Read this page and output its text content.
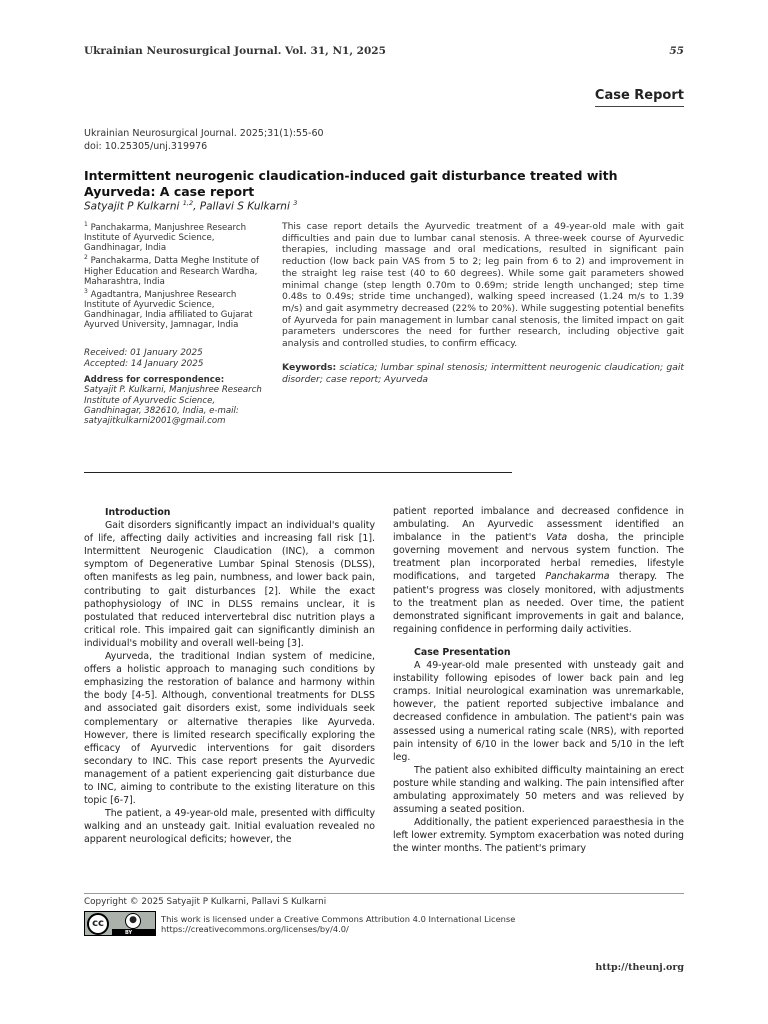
Ukrainian Neurosurgical Journal. Vol. 31, N1, 2025	55
Case Report
Ukrainian Neurosurgical Journal. 2025;31(1):55-60
doi: 10.25305/unj.319976
Intermittent neurogenic claudication-induced gait disturbance treated with Ayurveda: A case report
Satyajit P Kulkarni $^{1,2}$, Pallavi S Kulkarni $^3$

$^1$ Panchakarma, Manjushree Research Institute of Ayurvedic Science, Gandhinagar, India

$^2$ Panchakarma, Datta Meghe Institute of Higher Education and Research Wardha, Maharashtra, India

$^3$ Agadtantra, Manjushree Research Institute of Ayurvedic Science, Gandhinagar, India affiliated to Gujarat Ayurved University, Jamnagar, India

Received: 01 January 2025
Accepted: 14 January 2025
Address for correspondence:
Satyajit P. Kulkarni, Manjushree Research Institute of Ayurvedic Science, Gandhinagar, 382610, India, e-mail: satyajitkulkarni2001@gmail.com

This case report details the Ayurvedic treatment of a 49-year-old male with gait difficulties and pain due to lumbar canal stenosis. A three-week course of Ayurvedic therapies, including massage and oral medications, resulted in significant pain reduction (low back pain VAS from 5 to 2; leg pain from 6 to 2) and improvement in the straight leg raise test (40 to 60 degrees). While some gait parameters showed minimal change (step length 0.70m to 0.69m; stride length unchanged; step time 0.48s to 0.49s; stride time unchanged), walking speed increased (1.24 m/s to 1.39 m/s) and gait asymmetry decreased (22% to 20%). While suggesting potential benefits of Ayurveda for pain management in lumbar canal stenosis, the limited impact on gait parameters underscores the need for further research, including objective gait analysis and controlled studies, to confirm efficacy.

Keywords: sciatica; lumbar spinal stenosis; intermittent neurogenic claudication; gait disorder; case report; Ayurveda

Introduction

Gait disorders significantly impact an individual's quality of life, affecting daily activities and increasing fall risk [1]. Intermittent Neurogenic Claudication (INC), a common symptom of Degenerative Lumbar Spinal Stenosis (DLSS), often manifests as leg pain, numbness, and lower back pain, contributing to gait disturbances [2]. While the exact pathophysiology of INC in DLSS remains unclear, it is postulated that reduced intervertebral disc nutrition plays a critical role. This impaired gait can significantly diminish an individual's mobility and overall well-being [3].

Ayurveda, the traditional Indian system of medicine, offers a holistic approach to managing such conditions by emphasizing the restoration of balance and harmony within the body [4-5]. Although, conventional treatments for DLSS and associated gait disorders exist, some individuals seek complementary or alternative therapies like Ayurveda. However, there is limited research specifically exploring the efficacy of Ayurvedic interventions for gait disorders secondary to INC. This case report presents the Ayurvedic management of a patient experiencing gait disturbance due to INC, aiming to contribute to the existing literature on this topic [6-7].

The patient, a 49-year-old male, presented with difficulty walking and an unsteady gait. Initial evaluation revealed no apparent neurological deficits; however, the

patient reported imbalance and decreased confidence in ambulating. An Ayurvedic assessment identified an imbalance in the patient's Vata dosha, the principle governing movement and nervous system function. The treatment plan incorporated herbal remedies, lifestyle modifications, and targeted Panchakarma therapy. The patient's progress was closely monitored, with adjustments to the treatment plan as needed. Over time, the patient demonstrated significant improvements in gait and balance, regaining confidence in performing daily activities.

Case Presentation

A 49-year-old male presented with unsteady gait and instability following episodes of lower back pain and leg cramps. Initial neurological examination was unremarkable, however, the patient reported subjective imbalance and decreased confidence in ambulation. The patient's pain was assessed using a numerical rating scale (NRS), with reported pain intensity of 6/10 in the lower back and 5/10 in the left leg.

The patient also exhibited difficulty maintaining an erect posture while standing and walking. The pain intensified after ambulating approximately 50 meters and was relieved by assuming a seated position.

Additionally, the patient experienced paraesthesia in the left lower extremity. Symptom exacerbation was noted during the winter months. The patient's primary

Copyright © 2025 Satyajit P Kulkarni, Pallavi S Kulkarni
cc	●
BY
This work is licensed under a Creative Commons Attribution 4.0 International License
https://creativecommons.org/licenses/by/4.0/
http://theunj.org
